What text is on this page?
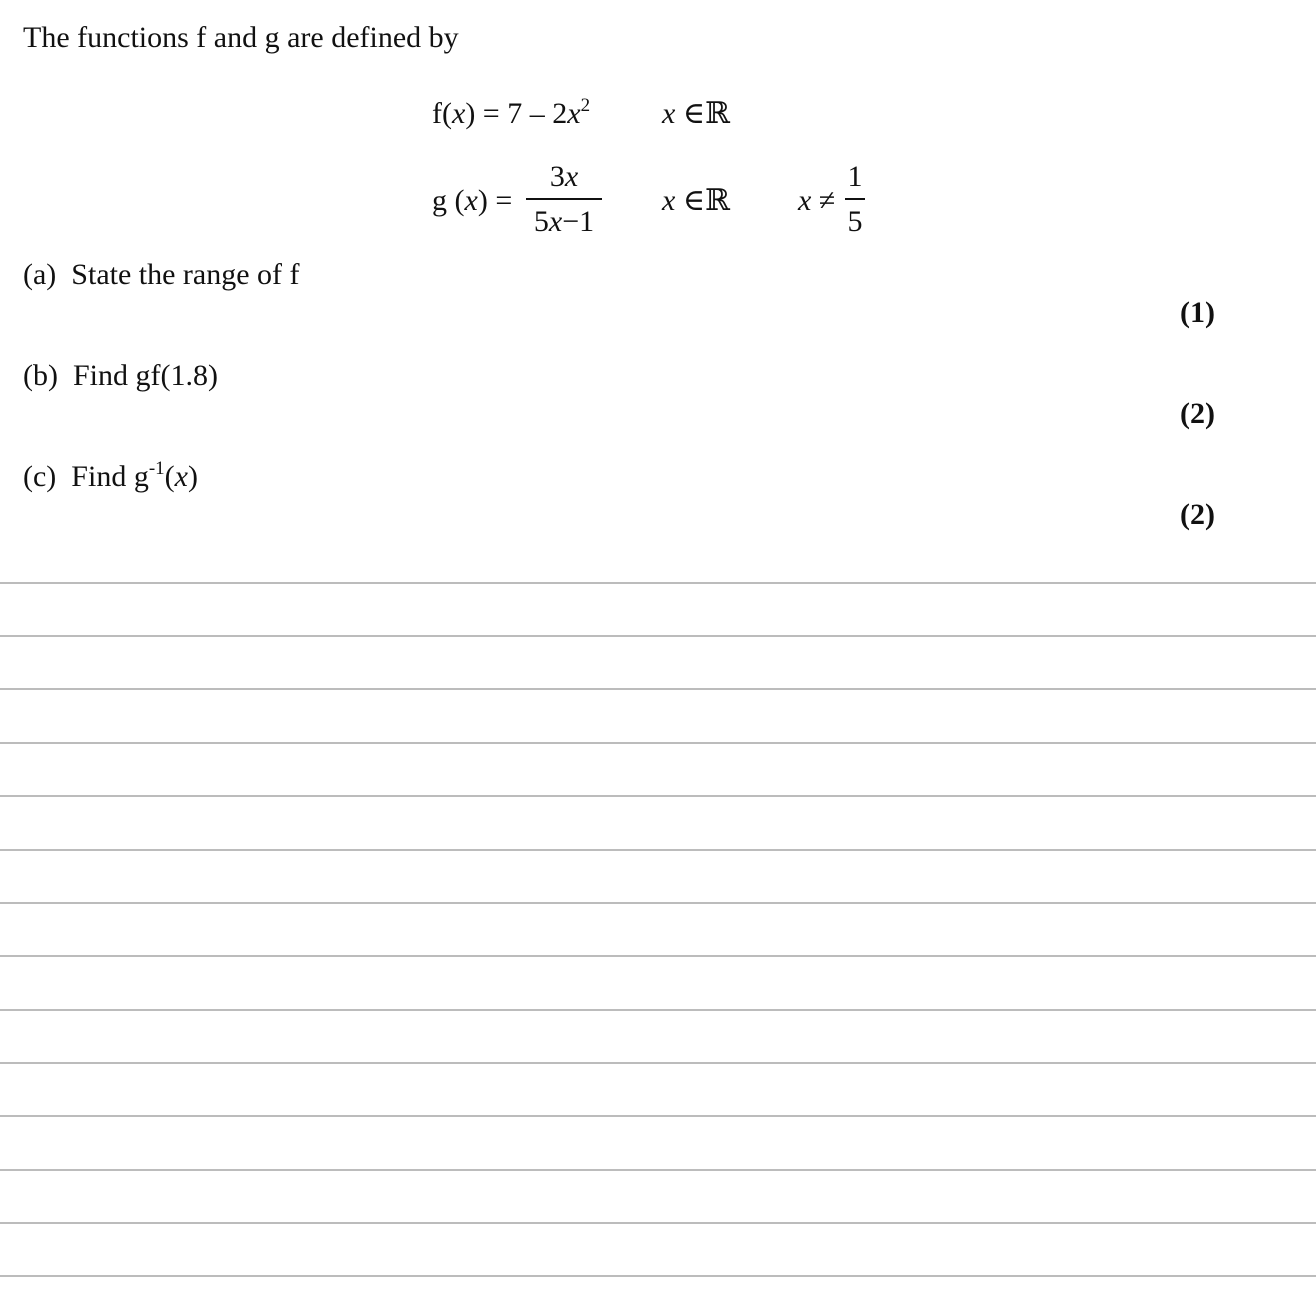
The functions f and g are defined by
$f(x) = 7 - 2x^2$ x ∈ℝ
g (x) =
3x
5x−1
x ∈ℝ x ≠
1
5
(a) State the range of f
(1)
(b) Find gf(1.8)
(2)
(c) Find $g^{-1}(x)$
(2)
